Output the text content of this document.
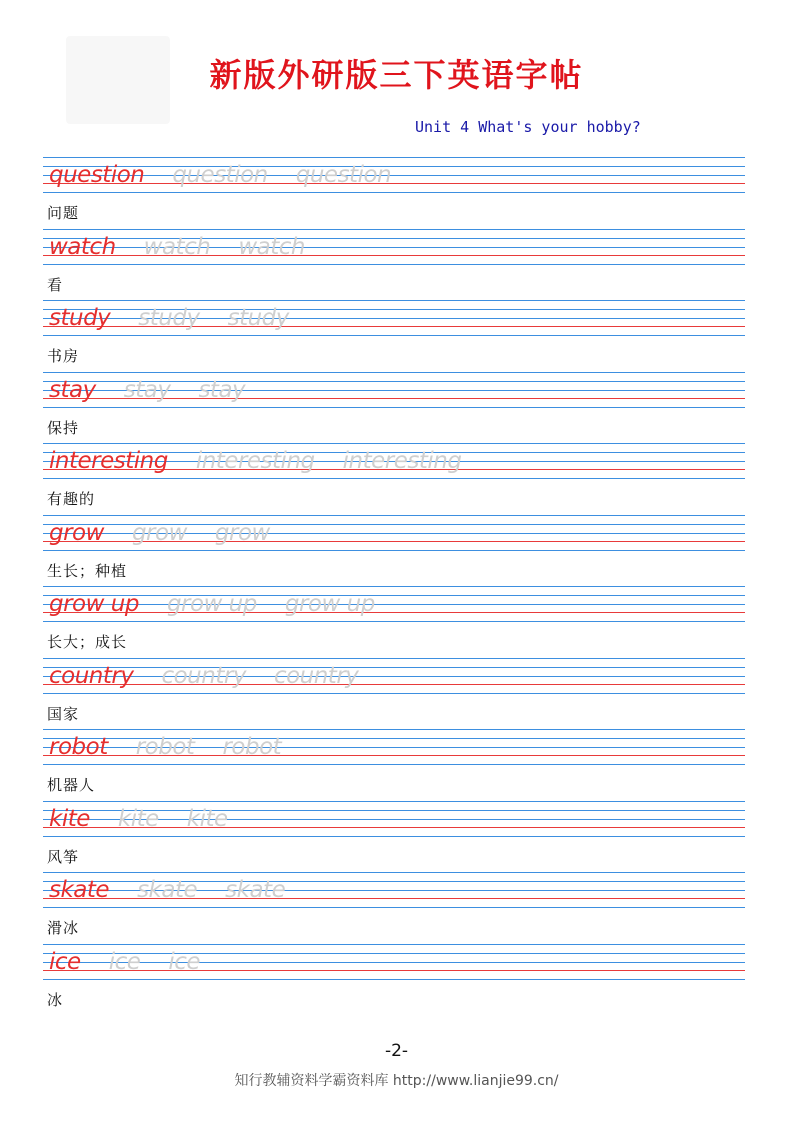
新版外研版三下英语字帖
Unit 4 What's your hobby?
question question question
问题
watch watch watch
看
study study study
书房
stay stay stay
保持
interesting interesting interesting
有趣的
grow grow grow
生长；种植
grow up grow up grow up
长大；成长
country country country
国家
robot robot robot
机器人
kite kite kite
风筝
skate skate skate
滑冰
ice ice ice
冰
-2-
知行教辅资料学霸资料库 http://www.lianjie99.cn/
